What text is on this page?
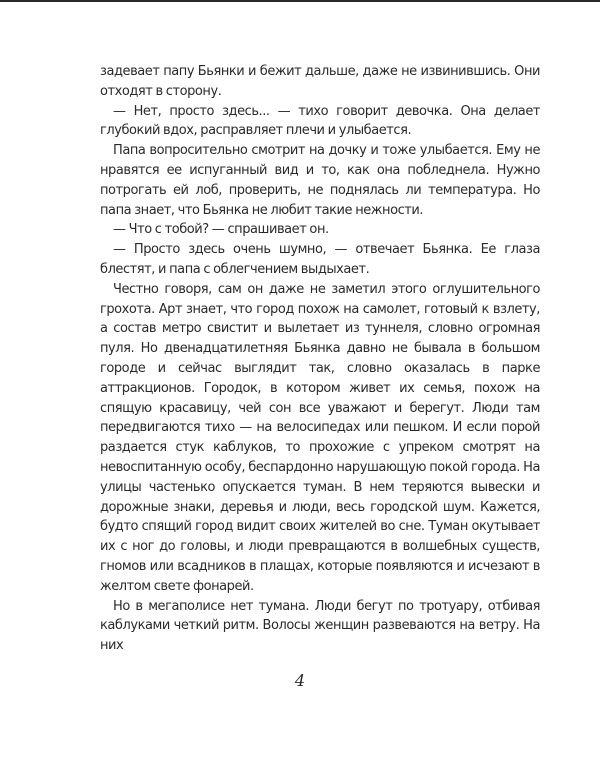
задевает папу Бьянки и бежит дальше, даже не извинившись. Они отходят в сторону.

— Нет, просто здесь... — тихо говорит девочка. Она делает глубокий вдох, расправляет плечи и улыбается.

Папа вопросительно смотрит на дочку и тоже улыбается. Ему не нравятся ее испуганный вид и то, как она побледнела. Нужно потрогать ей лоб, проверить, не поднялась ли температура. Но папа знает, что Бьянка не любит такие нежности.

— Что с тобой? — спрашивает он.

— Просто здесь очень шумно, — отвечает Бьянка. Ее глаза блестят, и папа с облегчением выдыхает.

Честно говоря, сам он даже не заметил этого оглушительного грохота. Арт знает, что город похож на самолет, готовый к взлету, а состав метро свистит и вылетает из туннеля, словно огромная пуля. Но двенадцатилетняя Бьянка давно не бывала в большом городе и сейчас выглядит так, словно оказалась в парке аттракционов. Городок, в котором живет их семья, похож на спящую красавицу, чей сон все уважают и берегут. Люди там передвигаются тихо — на велосипедах или пешком. И если порой раздается стук каблуков, то прохожие с упреком смотрят на невоспитанную особу, беспардонно нарушающую покой города. На улицы частенько опускается туман. В нем теряются вывески и дорожные знаки, деревья и люди, весь городской шум. Кажется, будто спящий город видит своих жителей во сне. Туман окутывает их с ног до головы, и люди превращаются в волшебных существ, гномов или всадников в плащах, которые появляются и исчезают в желтом свете фонарей.

Но в мегаполисе нет тумана. Люди бегут по тротуару, отбивая каблуками четкий ритм. Волосы женщин развеваются на ветру. На них

4
